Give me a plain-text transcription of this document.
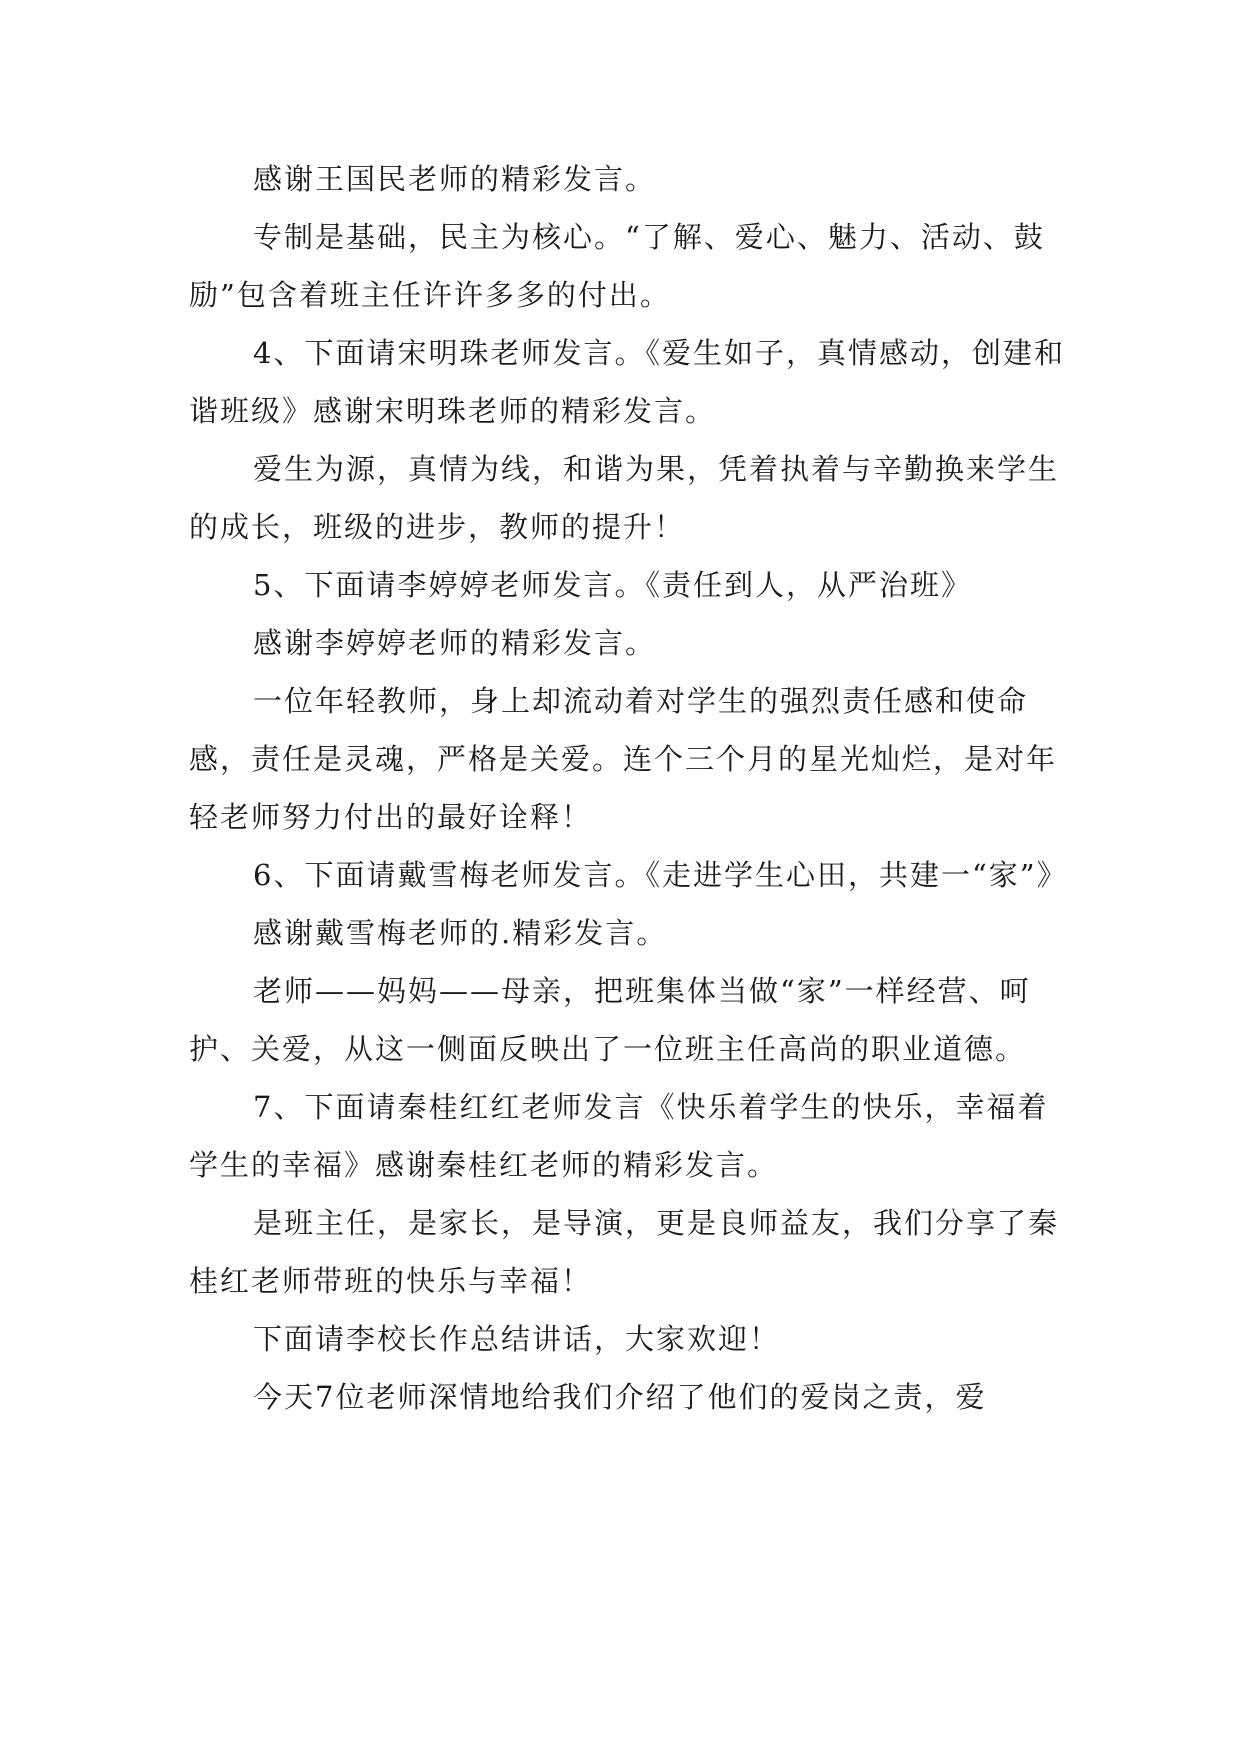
感谢王国民老师的精彩发言。

专制是基础，民主为核心。“了解、爱心、魅力、活动、鼓励”包含着班主任许许多多的付出。

4、下面请宋明珠老师发言。《爱生如子，真情感动，创建和谐班级》感谢宋明珠老师的精彩发言。

爱生为源，真情为线，和谐为果，凭着执着与辛勤换来学生的成长，班级的进步，教师的提升！

5、下面请李婷婷老师发言。《责任到人，从严治班》

感谢李婷婷老师的精彩发言。

一位年轻教师，身上却流动着对学生的强烈责任感和使命感，责任是灵魂，严格是关爱。连个三个月的星光灿烂，是对年轻老师努力付出的最好诠释！

6、下面请戴雪梅老师发言。《走进学生心田，共建一“家”》

感谢戴雪梅老师的.精彩发言。

老师——妈妈——母亲，把班集体当做“家”一样经营、呵护、关爱，从这一侧面反映出了一位班主任高尚的职业道德。

7、下面请秦桂红红老师发言《快乐着学生的快乐，幸福着学生的幸福》感谢秦桂红老师的精彩发言。

是班主任，是家长，是导演，更是良师益友，我们分享了秦桂红老师带班的快乐与幸福！

下面请李校长作总结讲话，大家欢迎！

今天7位老师深情地给我们介绍了他们的爱岗之责，爱
